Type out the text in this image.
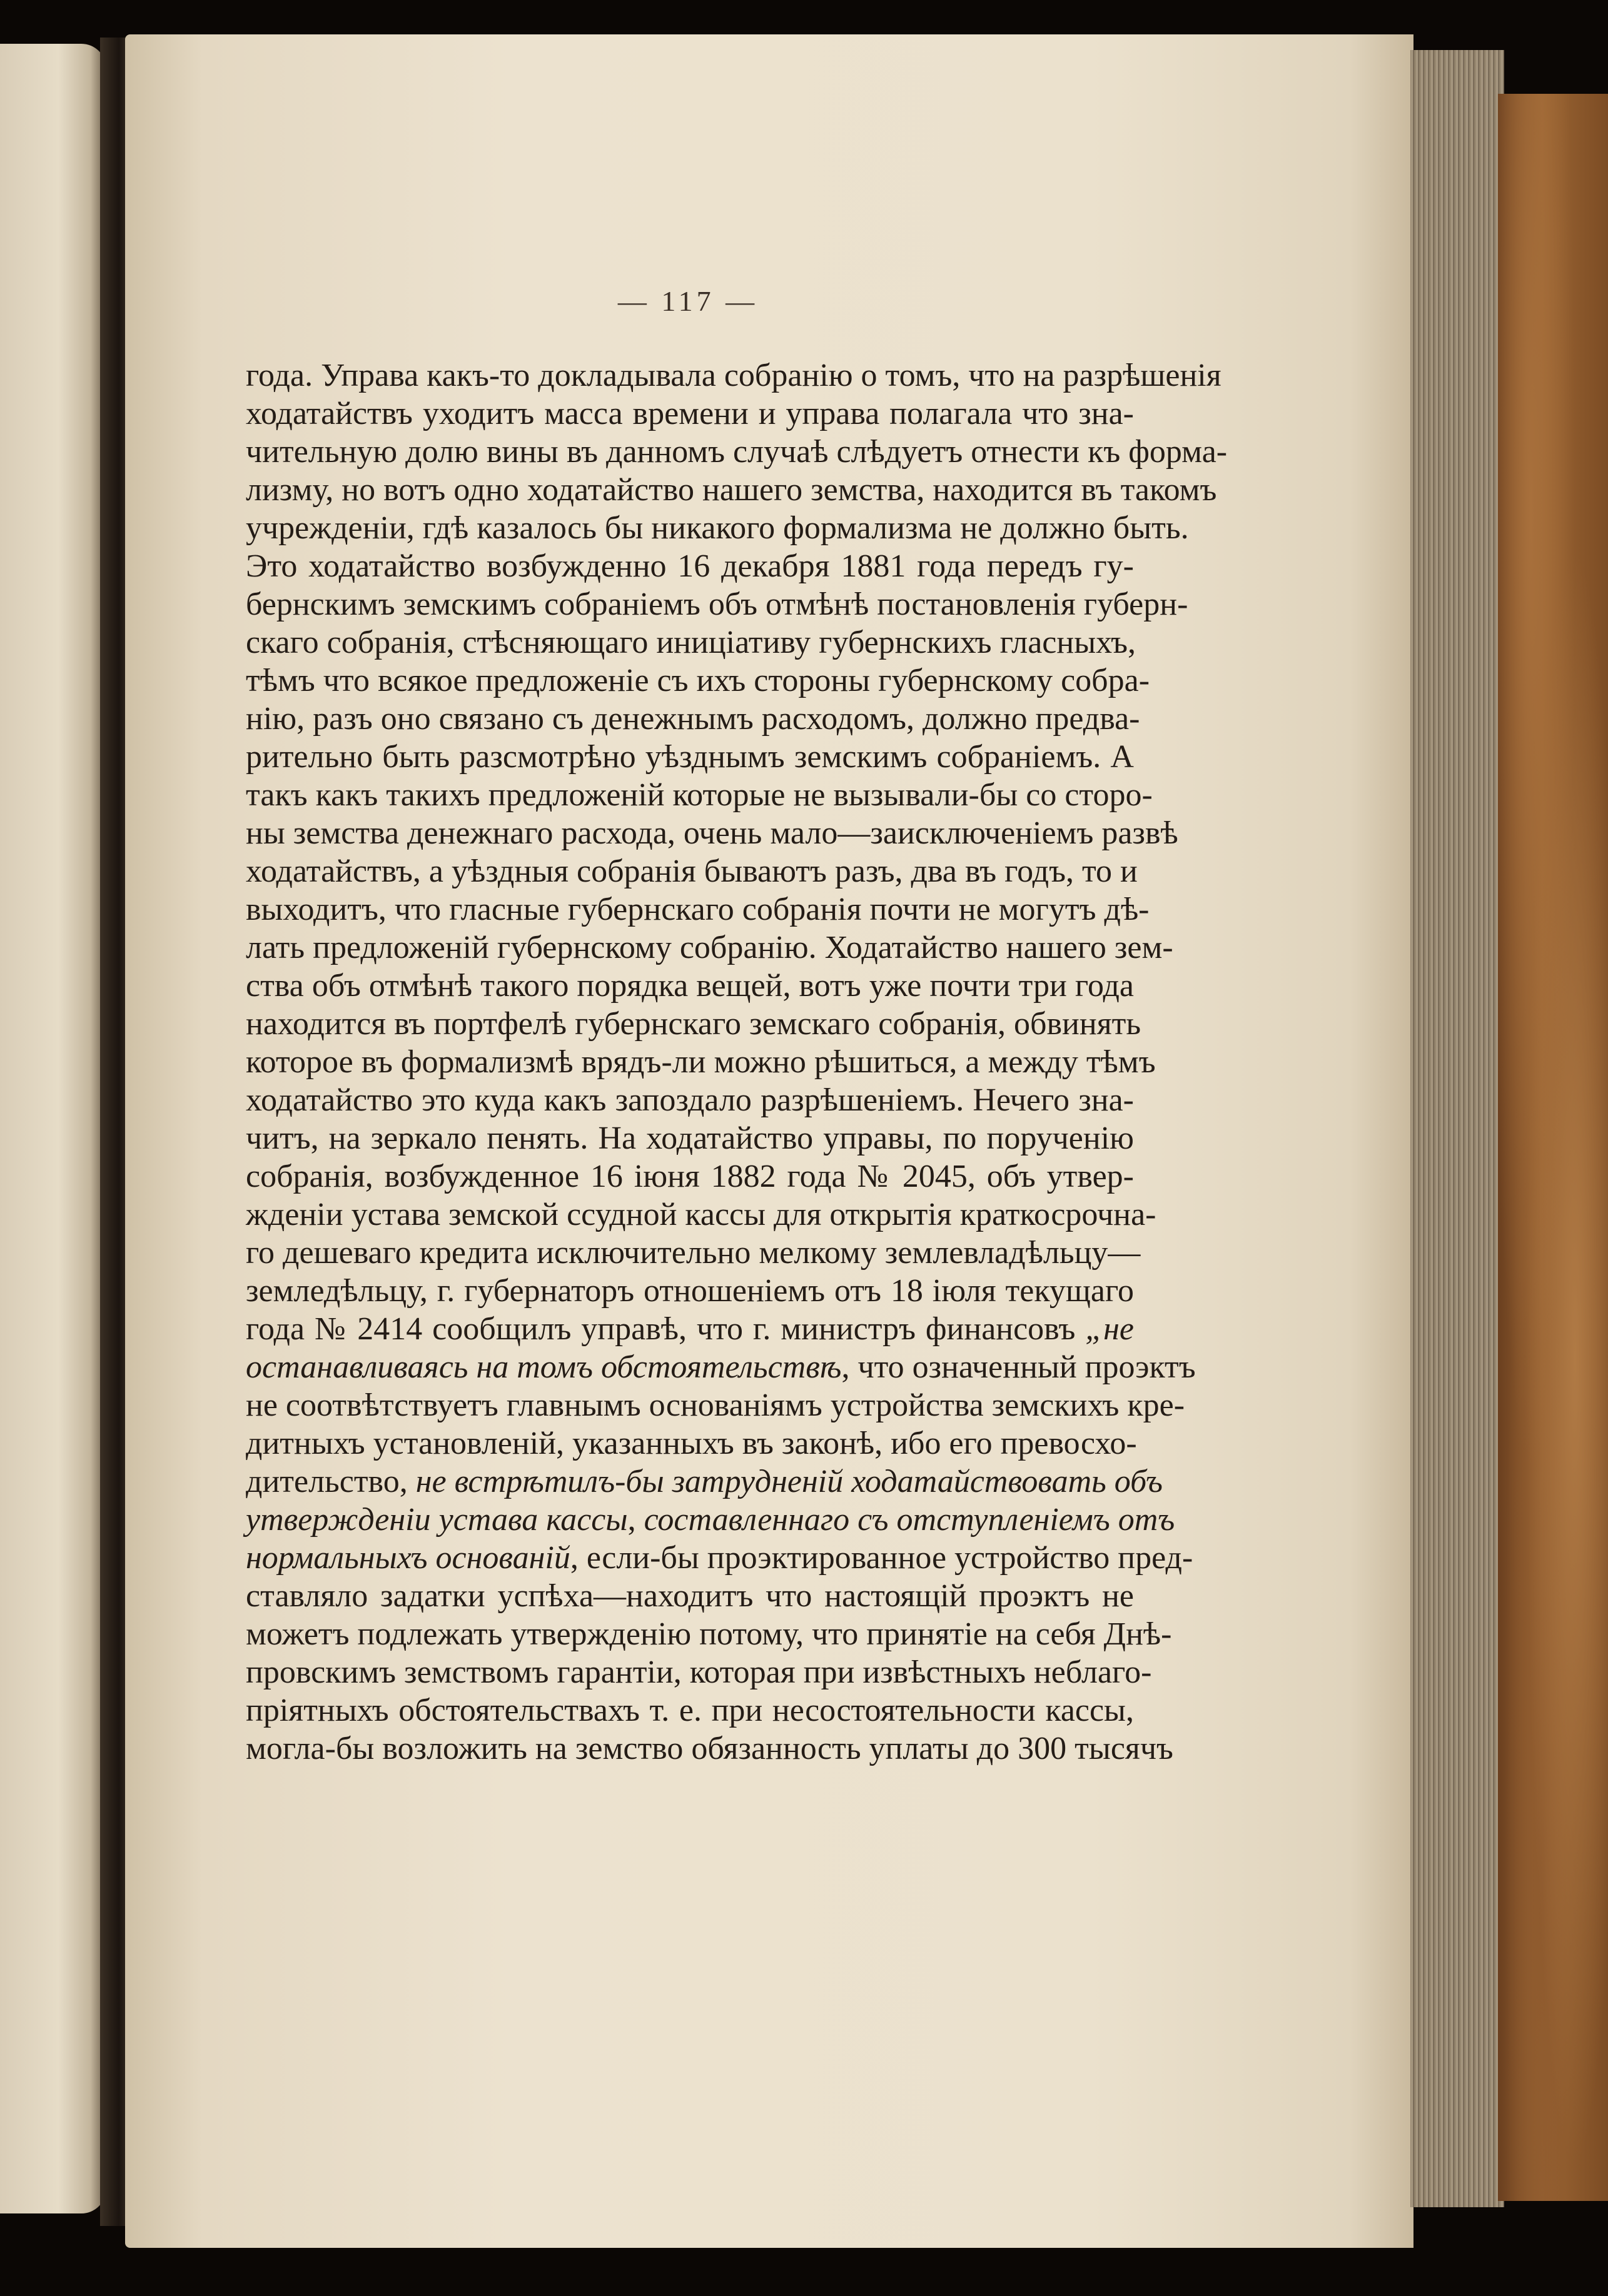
— 117 —
года. Управа какъ-то докладывала собранію о томъ, что на разрѣшенія
ходатайствъ уходитъ масса времени и управа полагала что зна-
чительную долю вины въ данномъ случаѣ слѣдуетъ отнести къ форма-
лизму, но вотъ одно ходатайство нашего земства, находится въ такомъ
учрежденіи, гдѣ казалось бы никакого формализма не должно быть.
Это ходатайство возбужденно 16 декабря 1881 года передъ гу-
бернскимъ земскимъ собраніемъ объ отмѣнѣ постановленія губерн-
скаго собранія, стѣсняющаго иниціативу губернскихъ гласныхъ,
тѣмъ что всякое предложеніе съ ихъ стороны губернскому собра-
нію, разъ оно связано съ денежнымъ расходомъ, должно предва-
рительно быть разсмотрѣно уѣзднымъ земскимъ собраніемъ. А
такъ какъ такихъ предложеній которые не вызывали-бы со сторо-
ны земства денежнаго расхода, очень мало—заисключеніемъ развѣ
ходатайствъ, а уѣздныя собранія бываютъ разъ, два въ годъ, то и
выходитъ, что гласные губернскаго собранія почти не могутъ дѣ-
лать предложеній губернскому собранію. Ходатайство нашего зем-
ства объ отмѣнѣ такого порядка вещей, вотъ уже почти три года
находится въ портфелѣ губернскаго земскаго собранія, обвинять
которое въ формализмѣ врядъ-ли можно рѣшиться, а между тѣмъ
ходатайство это куда какъ запоздало разрѣшеніемъ. Нечего зна-
читъ, на зеркало пенять. На ходатайство управы, по порученію
собранія, возбужденное 16 іюня 1882 года № 2045, объ утвер-
жденіи устава земской ссудной кассы для открытія краткосрочна-
го дешеваго кредита исключительно мелкому землевладѣльцу—
земледѣльцу, г. губернаторъ отношеніемъ отъ 18 іюля текущаго
года № 2414 сообщилъ управѣ, что г. министръ финансовъ „не
останавливаясь на томъ обстоятельствѣ, что означенный проэктъ
не соотвѣтствуетъ главнымъ основаніямъ устройства земскихъ кре-
дитныхъ установленій, указанныхъ въ законѣ, ибо его превосхо-
дительство, не встрѣтилъ-бы затрудненій ходатайствовать объ
утвержденіи устава кассы, составленнаго съ отступленіемъ отъ
нормальныхъ основаній, если-бы проэктированное устройство пред-
ставляло задатки успѣха—находитъ что настоящій проэктъ не
можетъ подлежать утвержденію потому, что принятіе на себя Днѣ-
провскимъ земствомъ гарантіи, которая при извѣстныхъ неблаго-
пріятныхъ обстоятельствахъ т. е. при несостоятельности кассы,
могла-бы возложить на земство обязанность уплаты до 300 тысячъ
